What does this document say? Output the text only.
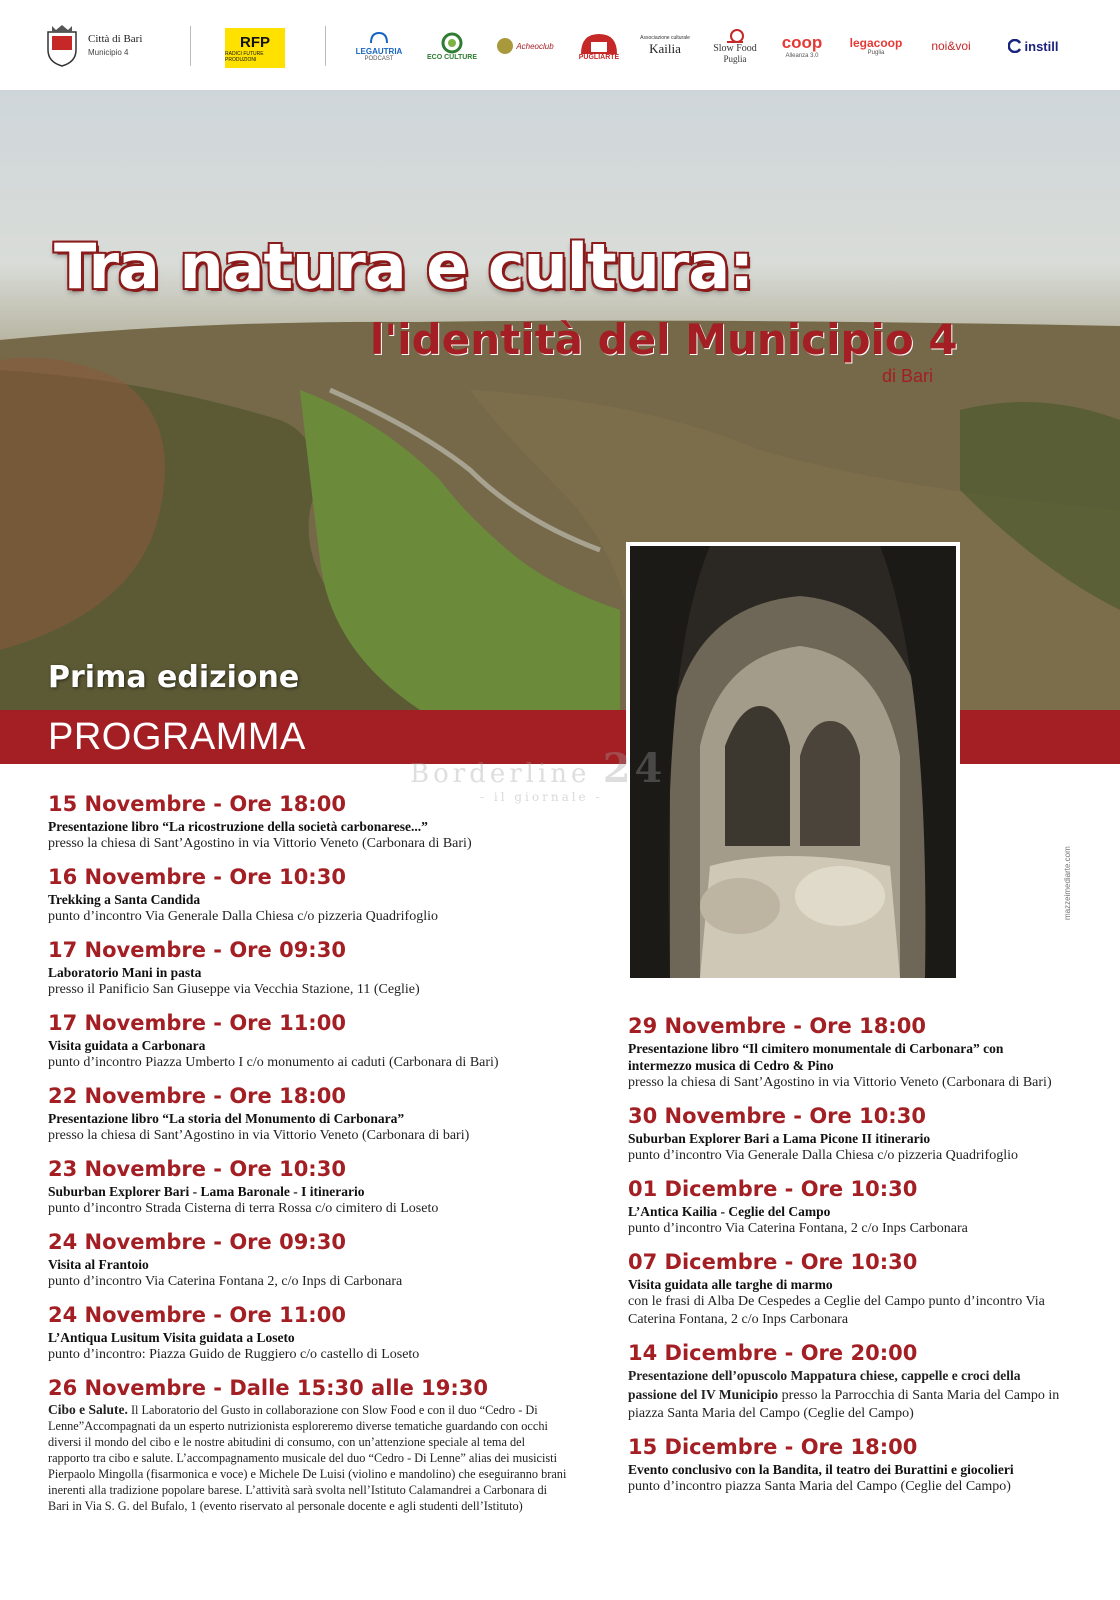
Città di Bari
Municipio 4
RFP
RADICI FUTURE PRODUZIONI
LEGAUTRIA
PODCAST	ECO CULTURE
Acheoclub
PUGLIARTE
Associazione culturale
Kailia	Slow Food
Puglia
coop
Alleanza 3.0
legacoop
Puglia	noi&voi	instill
Tra natura e cultura:
l'identità del Municipio 4
di Bari
Prima edizione
PROGRAMMA
Borderline 24
- il giornale -
mazzeimediarte.com
15 Novembre - Ore 18:00
Presentazione libro “La ricostruzione della società carbonarese...”
presso la chiesa di Sant’Agostino in via Vittorio Veneto (Carbonara di Bari)
16 Novembre - Ore 10:30
Trekking a Santa Candida
punto d’incontro Via Generale Dalla Chiesa c/o pizzeria Quadrifoglio
17 Novembre - Ore 09:30
Laboratorio Mani in pasta
presso il Panificio San Giuseppe via Vecchia Stazione, 11 (Ceglie)
17 Novembre - Ore 11:00
Visita guidata a Carbonara
punto d’incontro Piazza Umberto I c/o monumento ai caduti (Carbonara di Bari)
22 Novembre - Ore 18:00
Presentazione libro “La storia del Monumento di Carbonara”
presso la chiesa di Sant’Agostino in via Vittorio Veneto (Carbonara di bari)
23 Novembre - Ore 10:30
Suburban Explorer Bari - Lama Baronale - I itinerario
punto d’incontro Strada Cisterna di terra Rossa c/o cimitero di Loseto
24 Novembre - Ore 09:30
Visita al Frantoio
punto d’incontro Via Caterina Fontana 2, c/o Inps di Carbonara
24 Novembre - Ore 11:00
L’Antiqua Lusitum Visita guidata a Loseto
punto d’incontro: Piazza Guido de Ruggiero c/o castello di Loseto
26 Novembre - Dalle 15:30 alle 19:30
Cibo e Salute. Il Laboratorio del Gusto in collaborazione con Slow Food e con il duo “Cedro - Di Lenne”Accompagnati da un esperto nutrizionista esploreremo diverse tematiche guardando con occhi diversi il mondo del cibo e le nostre abitudini di consumo, con un’attenzione speciale al tema del rapporto tra cibo e salute. L’accompagnamento musicale del duo “Cedro - Di Lenne” alias dei musicisti Pierpaolo Mingolla (fisarmonica e voce) e Michele De Luisi (violino e mandolino) che eseguiranno brani inerenti alla tradizione popolare barese. L’attività sarà svolta nell’Istituto Calamandrei a Carbonara di Bari in Via S. G. del Bufalo, 1 (evento riservato al personale docente e agli studenti dell’Istituto)
29 Novembre - Ore 18:00
Presentazione libro “Il cimitero monumentale di Carbonara” con intermezzo musica di Cedro & Pino
presso la chiesa di Sant’Agostino in via Vittorio Veneto (Carbonara di Bari)
30 Novembre - Ore 10:30
Suburban Explorer Bari a Lama Picone II itinerario
punto d’incontro Via Generale Dalla Chiesa c/o pizzeria Quadrifoglio
01 Dicembre - Ore 10:30
L’Antica Kailia - Ceglie del Campo
punto d’incontro Via Caterina Fontana, 2 c/o Inps Carbonara
07 Dicembre - Ore 10:30
Visita guidata alle targhe di marmo
con le frasi di Alba De Cespedes a Ceglie del Campo punto d’incontro Via Caterina Fontana, 2 c/o Inps Carbonara
14 Dicembre - Ore 20:00
Presentazione dell’opuscolo Mappatura chiese, cappelle e croci della passione del IV Municipio presso la Parrocchia di Santa Maria del Campo in piazza Santa Maria del Campo (Ceglie del Campo)
15 Dicembre - Ore 18:00
Evento conclusivo con la Bandita, il teatro dei Burattini e giocolieri
punto d’incontro piazza Santa Maria del Campo (Ceglie del Campo)
